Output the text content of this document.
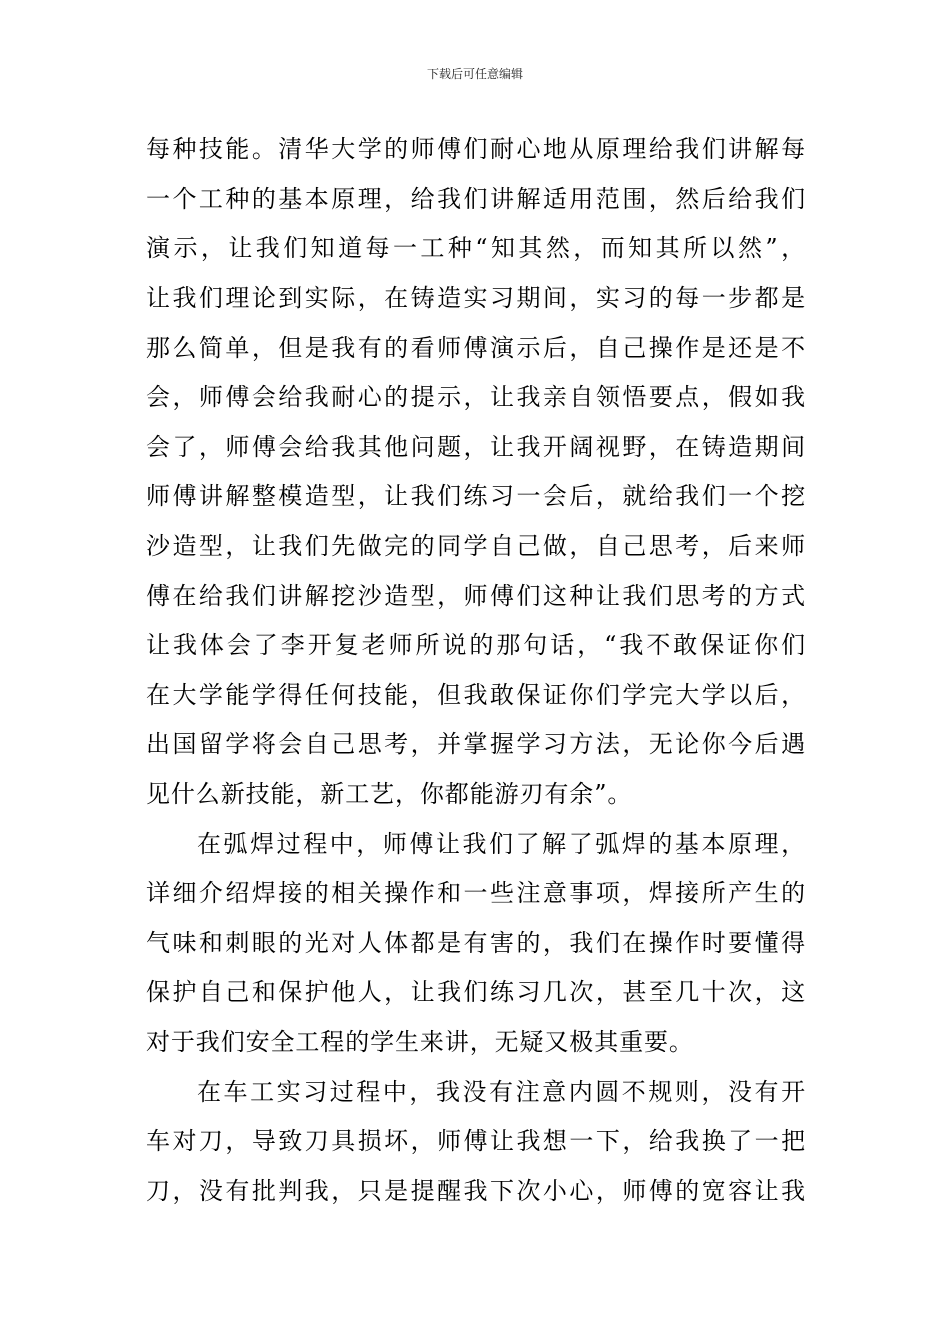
下载后可任意编辑
每种技能。清华大学的师傅们耐心地从原理给我们讲解每
一个工种的基本原理，给我们讲解适用范围，然后给我们
演示，让我们知道每一工种“知其然，而知其所以然”，
让我们理论到实际，在铸造实习期间，实习的每一步都是
那么简单，但是我有的看师傅演示后，自己操作是还是不
会，师傅会给我耐心的提示，让我亲自领悟要点，假如我
会了，师傅会给我其他问题，让我开阔视野，在铸造期间
师傅讲解整模造型，让我们练习一会后，就给我们一个挖
沙造型，让我们先做完的同学自己做，自己思考，后来师
傅在给我们讲解挖沙造型，师傅们这种让我们思考的方式
让我体会了李开复老师所说的那句话，“我不敢保证你们
在大学能学得任何技能，但我敢保证你们学完大学以后，
出国留学将会自己思考，并掌握学习方法，无论你今后遇
见什么新技能，新工艺，你都能游刃有余”。
在弧焊过程中，师傅让我们了解了弧焊的基本原理，
详细介绍焊接的相关操作和一些注意事项，焊接所产生的
气味和刺眼的光对人体都是有害的，我们在操作时要懂得
保护自己和保护他人，让我们练习几次，甚至几十次，这
对于我们安全工程的学生来讲，无疑又极其重要。
在车工实习过程中，我没有注意内圆不规则，没有开
车对刀，导致刀具损坏，师傅让我想一下，给我换了一把
刀，没有批判我，只是提醒我下次小心，师傅的宽容让我
